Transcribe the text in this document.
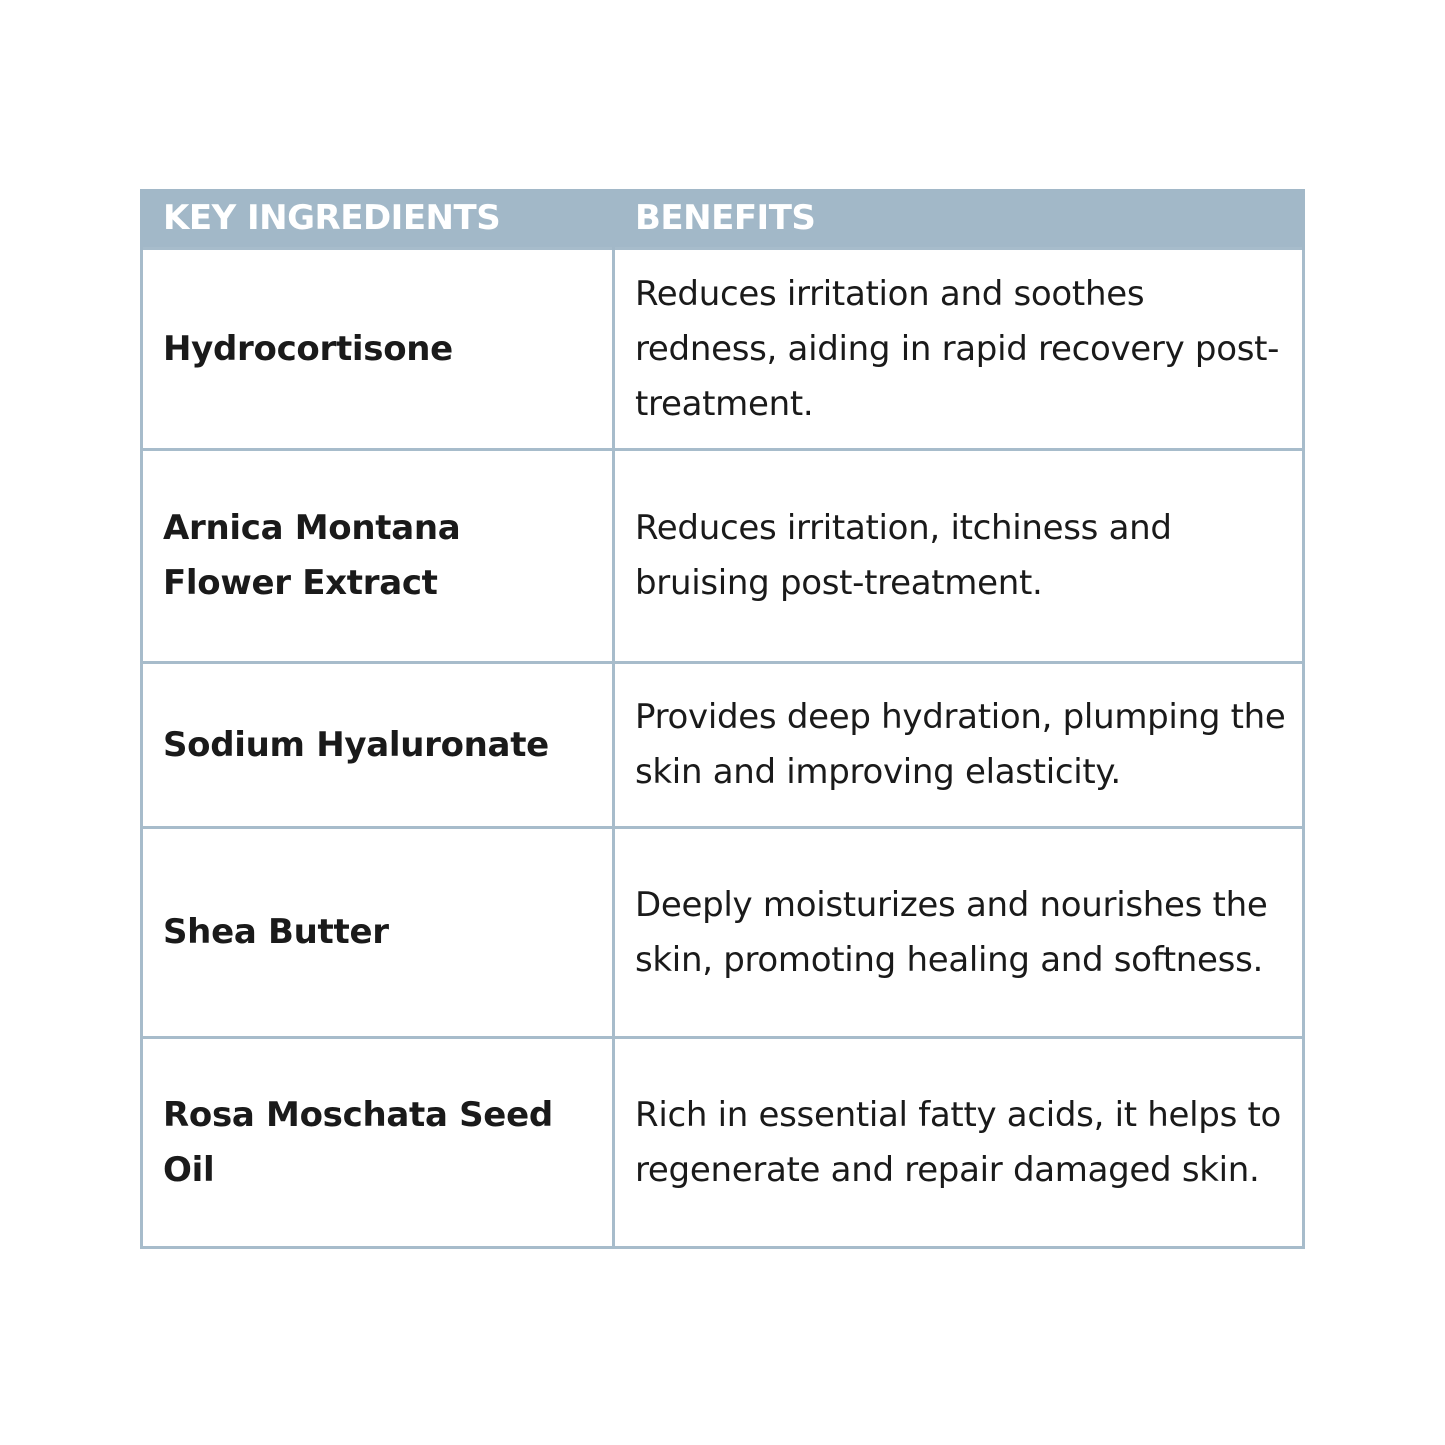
KEY INGREDIENTS	BENEFITS
Hydrocortisone	Reduces irritation and soothes redness, aiding in rapid recovery post-treatment.
Arnica Montana Flower Extract	Reduces irritation, itchiness and bruising post-treatment.
Sodium Hyaluronate	Provides deep hydration, plumping the skin and improving elasticity.
Shea Butter	Deeply moisturizes and nourishes the skin, promoting healing and softness.
Rosa Moschata Seed Oil	Rich in essential fatty acids, it helps to regenerate and repair damaged skin.
